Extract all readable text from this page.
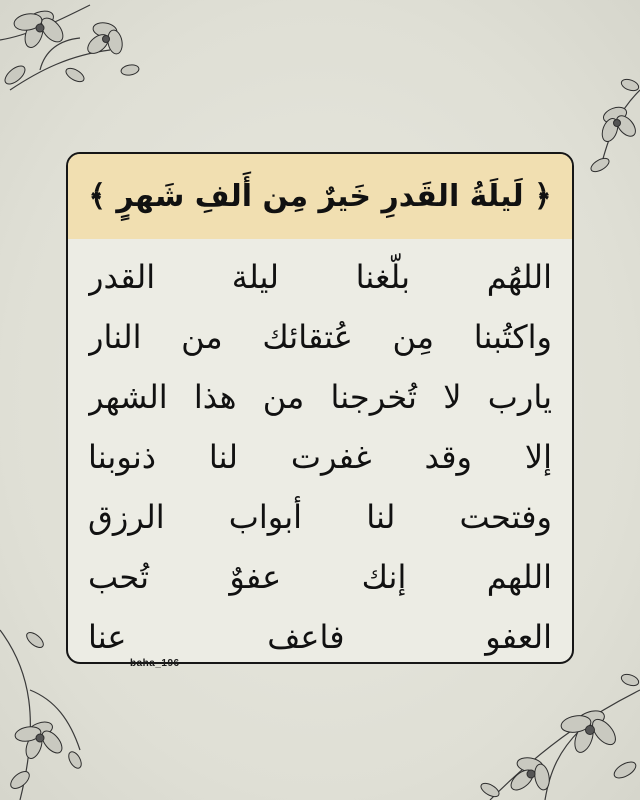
﴿ لَيلَةُ القَدرِ خَيرٌ مِن أَلفِ شَهرٍ ﴾

اللهُم بلّغنا ليلة القدر

واكتُبنا مِن عُتقائك من النار

يارب لا تُخرجنا من هذا الشهر

إلا وقد غفرت لنا ذنوبنا

وفتحت لنا أبواب الرزق

اللهم إنك عفوٌ تُحب

العفو فاعف عنا

baha_196
